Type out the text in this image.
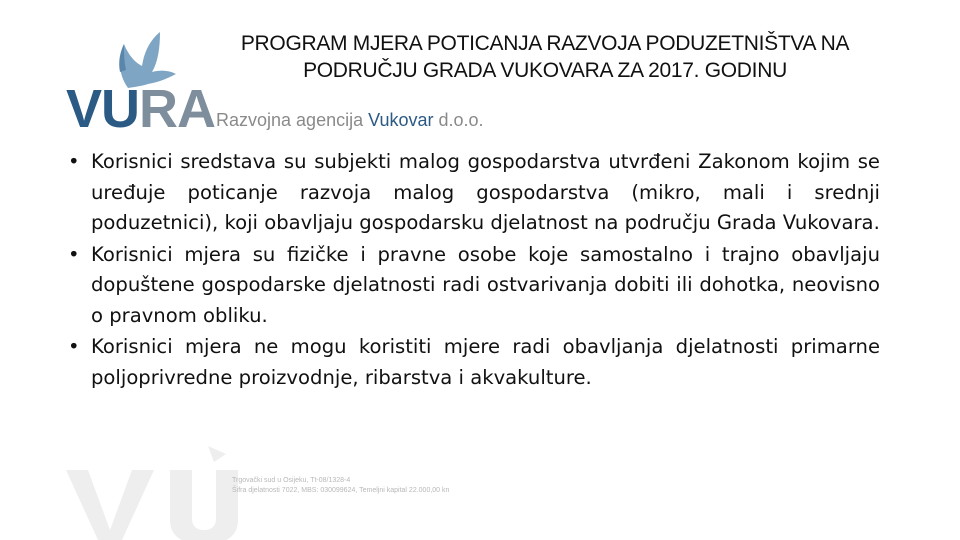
Trgovački sud u Osijeku, Tt-08/1328-4
Šifra djelatnosti 7022, MBS: 030099624, Temeljni kapital 22.000,00 kn
VURA Razvojna agencija Vukovar d.o.o.
PROGRAM MJERA POTICANJA RAZVOJA PODUZETNIŠTVA NA
PODRUČJU GRADA VUKOVARA ZA 2017. GODINU
• Korisnici sredstava su subjekti malog gospodarstva utvrđeni Zakonom kojim se uređuje poticanje razvoja malog gospodarstva (mikro, mali i srednji poduzetnici), koji obavljaju gospodarsku djelatnost na području Grada Vukovara.
• Korisnici mjera su fizičke i pravne osobe koje samostalno i trajno obavljaju dopuštene gospodarske djelatnosti radi ostvarivanja dobiti ili dohotka, neovisno o pravnom obliku.
• Korisnici mjera ne mogu koristiti mjere radi obavljanja djelatnosti primarne poljoprivredne proizvodnje, ribarstva i akvakulture.
